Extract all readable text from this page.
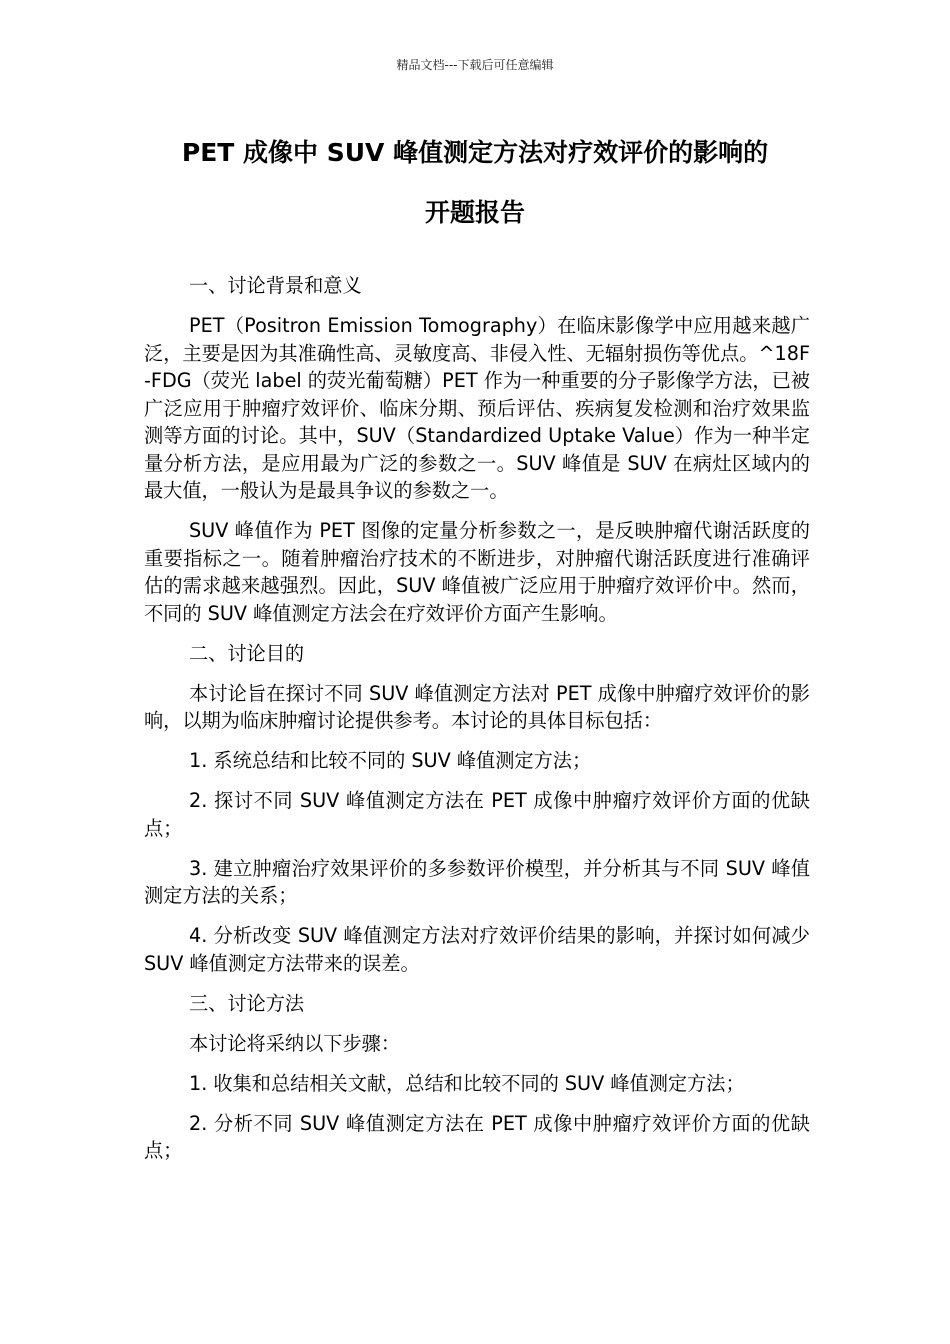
精品文档---下载后可任意编辑
PET 成像中 SUV 峰值测定方法对疗效评价的影响的
开题报告

一、讨论背景和意义

PET（Positron Emission Tomography）在临床影像学中应用越来越广泛，主要是因为其准确性高、灵敏度高、非侵入性、无辐射损伤等优点。^18F-FDG（荧光 label 的荧光葡萄糖）PET 作为一种重要的分子影像学方法，已被广泛应用于肿瘤疗效评价、临床分期、预后评估、疾病复发检测和治疗效果监测等方面的讨论。其中，SUV（Standardized Uptake Value）作为一种半定量分析方法，是应用最为广泛的参数之一。SUV 峰值是 SUV 在病灶区域内的最大值，一般认为是最具争议的参数之一。

SUV 峰值作为 PET 图像的定量分析参数之一，是反映肿瘤代谢活跃度的重要指标之一。随着肿瘤治疗技术的不断进步，对肿瘤代谢活跃度进行准确评估的需求越来越强烈。因此，SUV 峰值被广泛应用于肿瘤疗效评价中。然而，不同的 SUV 峰值测定方法会在疗效评价方面产生影响。

二、讨论目的

本讨论旨在探讨不同 SUV 峰值测定方法对 PET 成像中肿瘤疗效评价的影响，以期为临床肿瘤讨论提供参考。本讨论的具体目标包括：

1. 系统总结和比较不同的 SUV 峰值测定方法；

2. 探讨不同 SUV 峰值测定方法在 PET 成像中肿瘤疗效评价方面的优缺点；

3. 建立肿瘤治疗效果评价的多参数评价模型，并分析其与不同 SUV 峰值测定方法的关系；

4. 分析改变 SUV 峰值测定方法对疗效评价结果的影响，并探讨如何减少 SUV 峰值测定方法带来的误差。

三、讨论方法

本讨论将采纳以下步骤：

1. 收集和总结相关文献，总结和比较不同的 SUV 峰值测定方法；

2. 分析不同 SUV 峰值测定方法在 PET 成像中肿瘤疗效评价方面的优缺点；
